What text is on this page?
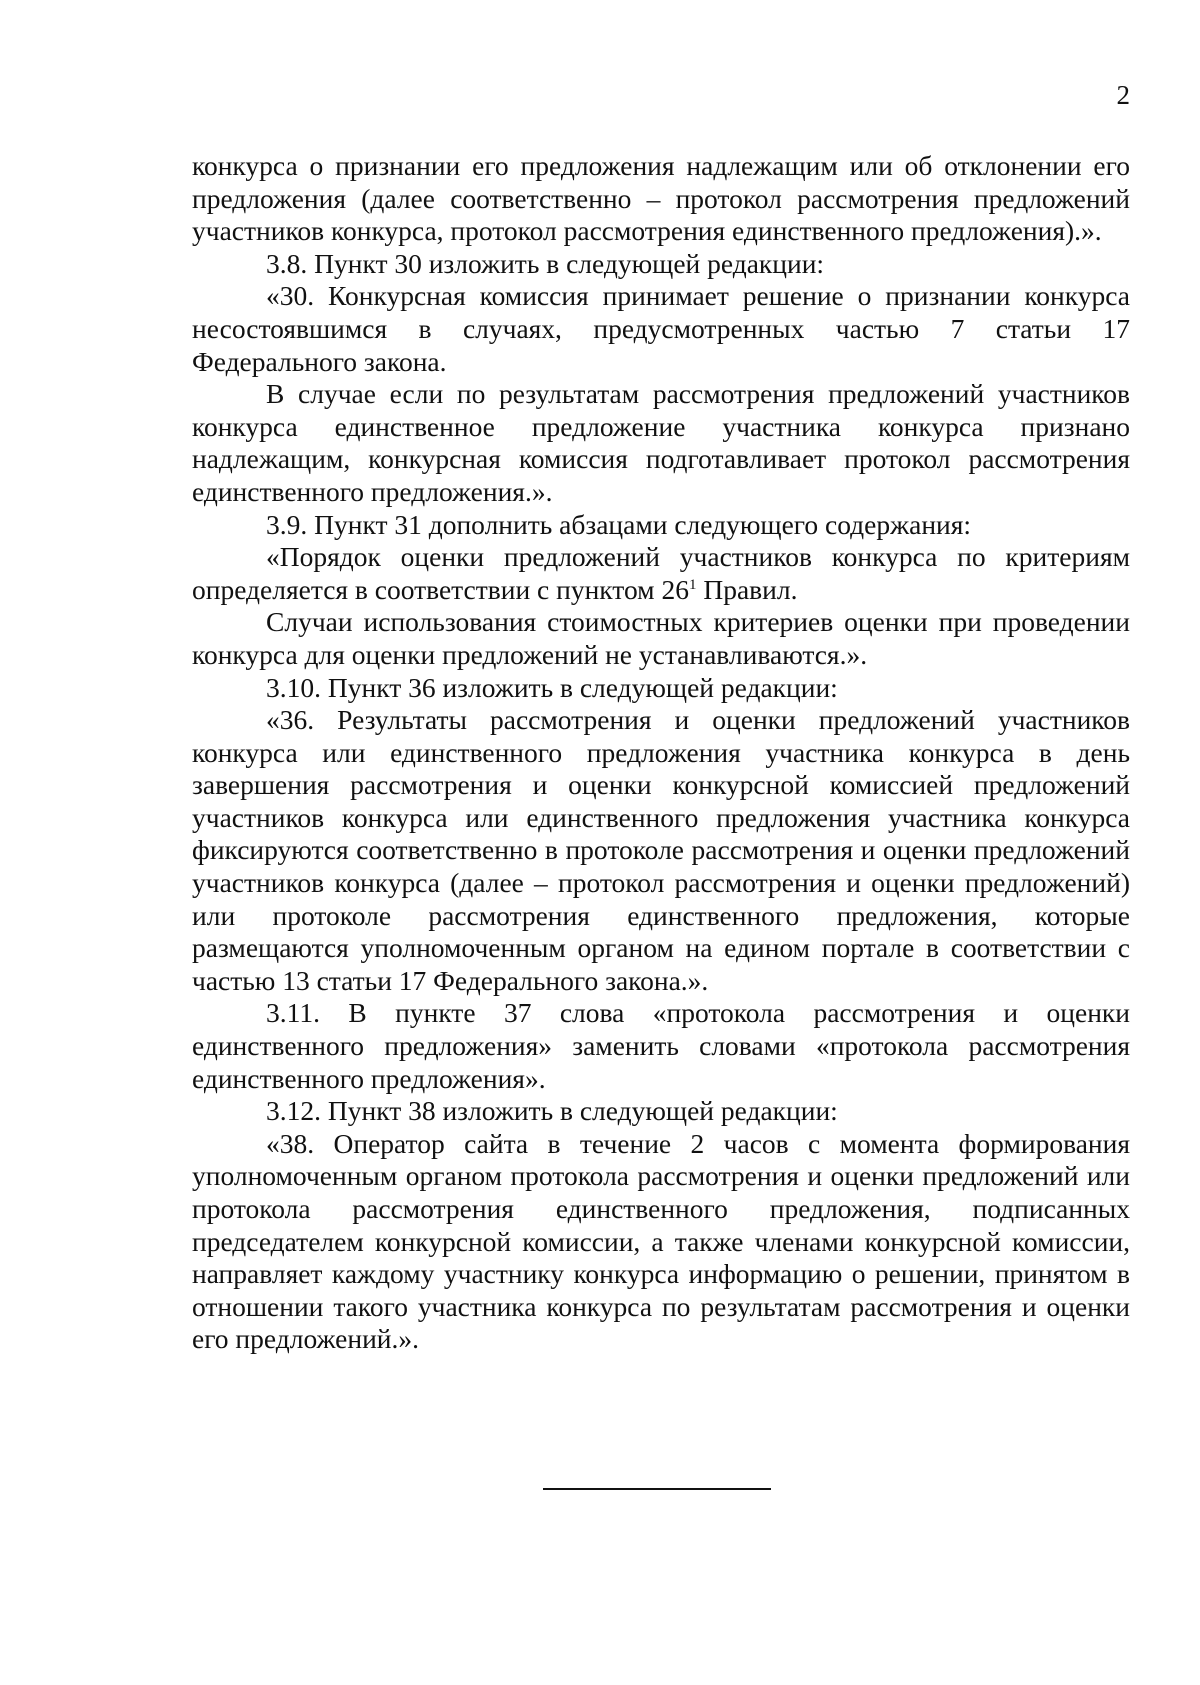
2

конкурса о признании его предложения надлежащим или об отклонении его предложения (далее соответственно – протокол рассмотрения предложений участников конкурса, протокол рассмотрения единственного предложения).».

3.8. Пункт 30 изложить в следующей редакции:

«30. Конкурсная комиссия принимает решение о признании конкурса несостоявшимся в случаях, предусмотренных частью 7 статьи 17 Федерального закона.

В случае если по результатам рассмотрения предложений участников конкурса единственное предложение участника конкурса признано надлежащим, конкурсная комиссия подготавливает протокол рассмотрения единственного предложения.».

3.9. Пункт 31 дополнить абзацами следующего содержания:

«Порядок оценки предложений участников конкурса по критериям определяется в соответствии с пунктом $26^1$ Правил.

Случаи использования стоимостных критериев оценки при проведении конкурса для оценки предложений не устанавливаются.».

3.10. Пункт 36 изложить в следующей редакции:

«36. Результаты рассмотрения и оценки предложений участников конкурса или единственного предложения участника конкурса в день завершения рассмотрения и оценки конкурсной комиссией предложений участников конкурса или единственного предложения участника конкурса фиксируются соответственно в протоколе рассмотрения и оценки предложений участников конкурса (далее – протокол рассмотрения и оценки предложений) или протоколе рассмотрения единственного предложения, которые размещаются уполномоченным органом на едином портале в соответствии с частью 13 статьи 17 Федерального закона.».

3.11. В пункте 37 слова «протокола рассмотрения и оценки единственного предложения» заменить словами «протокола рассмотрения единственного предложения».

3.12. Пункт 38 изложить в следующей редакции:

«38. Оператор сайта в течение 2 часов с момента формирования уполномоченным органом протокола рассмотрения и оценки предложений или протокола рассмотрения единственного предложения, подписанных председателем конкурсной комиссии, а также членами конкурсной комиссии, направляет каждому участнику конкурса информацию о решении, принятом в отношении такого участника конкурса по результатам рассмотрения и оценки его предложений.».
